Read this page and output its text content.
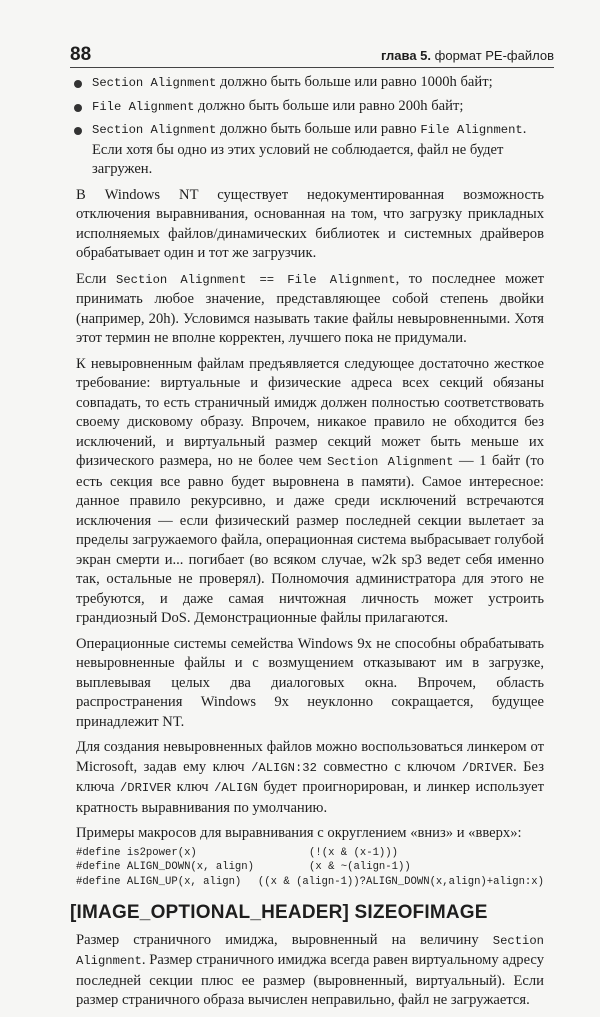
88	глава 5. формат PE-файлов
Section Alignment должно быть больше или равно 1000h байт;
File Alignment должно быть больше или равно 200h байт;
Section Alignment должно быть больше или равно File Alignment. Если хотя бы одно из этих условий не соблюдается, файл не будет загружен.

В Windows NT существует недокументированная возможность отключения выравнивания, основанная на том, что загрузку прикладных исполняемых файлов/динамических библиотек и системных драйверов обрабатывает один и тот же загрузчик.

Если Section Alignment == File Alignment, то последнее может принимать любое значение, представляющее собой степень двойки (например, 20h). Условимся называть такие файлы невыровненными. Хотя этот термин не вполне корректен, лучшего пока не придумали.

К невыровненным файлам предъявляется следующее достаточно жесткое требование: виртуальные и физические адреса всех секций обязаны совпадать, то есть страничный имидж должен полностью соответствовать своему дисковому образу. Впрочем, никакое правило не обходится без исключений, и виртуальный размер секций может быть меньше их физического размера, но не более чем Section Alignment — 1 байт (то есть секция все равно будет выровнена в памяти). Самое интересное: данное правило рекурсивно, и даже среди исключений встречаются исключения — если физический размер последней секции вылетает за пределы загружаемого файла, операционная система выбрасывает голубой экран смерти и... погибает (во всяком случае, w2k sp3 ведет себя именно так, остальные не проверял). Полномочия администратора для этого не требуются, и даже самая ничтожная личность может устроить грандиозный DoS. Демонстрационные файлы прилагаются.

Операционные системы семейства Windows 9x не способны обрабатывать невыровненные файлы и с возмущением отказывают им в загрузке, выплевывая целых два диалоговых окна. Впрочем, область распространения Windows 9x неуклонно сокращается, будущее принадлежит NT.

Для создания невыровненных файлов можно воспользоваться линкером от Microsoft, задав ему ключ /ALIGN:32 совместно с ключом /DRIVER. Без ключа /DRIVER ключ /ALIGN будет проигнорирован, и линкер использует кратность выравнивания по умолчанию.

Примеры макросов для выравнивания с округлением «вниз» и «вверх»:

#define is2power(x)	(!(x & (x-1)))
#define ALIGN_DOWN(x, align)	(x & ~(align-1))
#define ALIGN_UP(x, align)	((x & (align-1))?ALIGN_DOWN(x,align)+align:x)
[IMAGE_OPTIONAL_HEADER] SIZEOFIMAGE

Размер страничного имиджа, выровненный на величину Section Alignment. Размер страничного имиджа всегда равен виртуальному адресу последней секции плюс ее размер (выровненный, виртуальный). Если размер страничного образа вычислен неправильно, файл не загружается.
